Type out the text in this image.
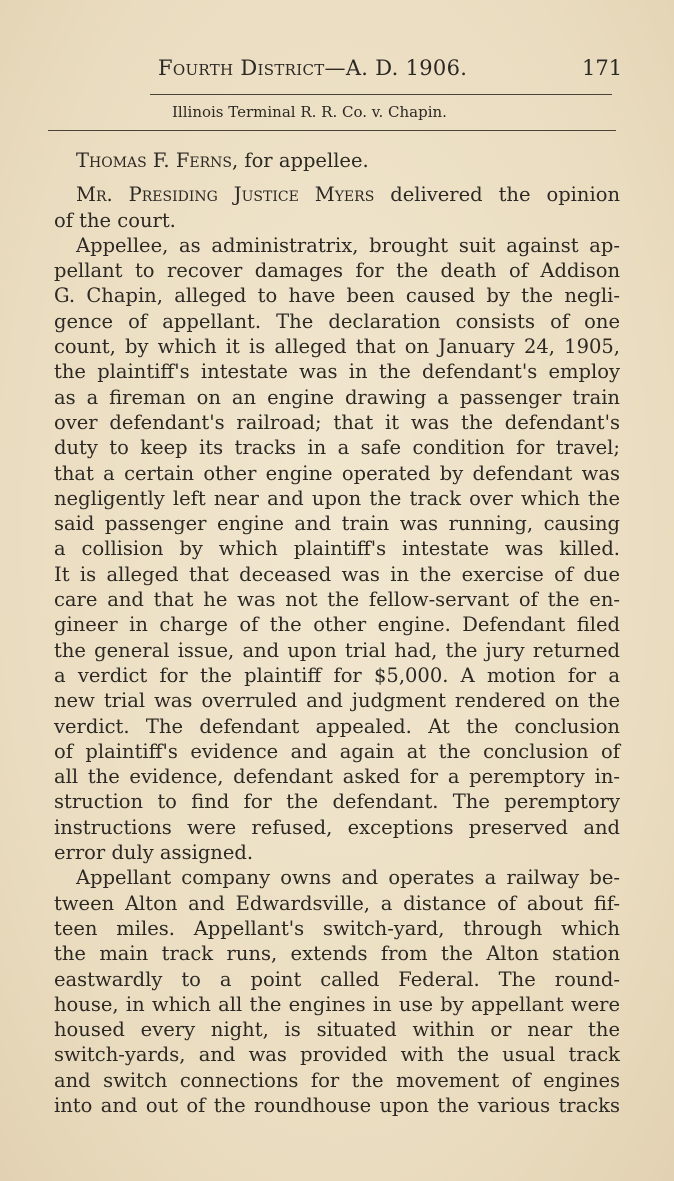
Fourth District—A. D. 1906.	171
Illinois Terminal R. R. Co. v. Chapin.
Thomas F. Ferns, for appellee.
Mr. Presiding Justice Myers delivered the opinion
of the court.
Appellee, as administratrix, brought suit against ap-
pellant to recover damages for the death of Addison
G. Chapin, alleged to have been caused by the negli-
gence of appellant. The declaration consists of one
count, by which it is alleged that on January 24, 1905,
the plaintiff's intestate was in the defendant's employ
as a fireman on an engine drawing a passenger train
over defendant's railroad; that it was the defendant's
duty to keep its tracks in a safe condition for travel;
that a certain other engine operated by defendant was
negligently left near and upon the track over which the
said passenger engine and train was running, causing
a collision by which plaintiff's intestate was killed.
It is alleged that deceased was in the exercise of due
care and that he was not the fellow-servant of the en-
gineer in charge of the other engine. Defendant filed
the general issue, and upon trial had, the jury returned
a verdict for the plaintiff for $5,000. A motion for a
new trial was overruled and judgment rendered on the
verdict. The defendant appealed. At the conclusion
of plaintiff's evidence and again at the conclusion of
all the evidence, defendant asked for a peremptory in-
struction to find for the defendant. The peremptory
instructions were refused, exceptions preserved and
error duly assigned.
Appellant company owns and operates a railway be-
tween Alton and Edwardsville, a distance of about fif-
teen miles. Appellant's switch-yard, through which
the main track runs, extends from the Alton station
eastwardly to a point called Federal. The round-
house, in which all the engines in use by appellant were
housed every night, is situated within or near the
switch-yards, and was provided with the usual track
and switch connections for the movement of engines
into and out of the roundhouse upon the various tracks
